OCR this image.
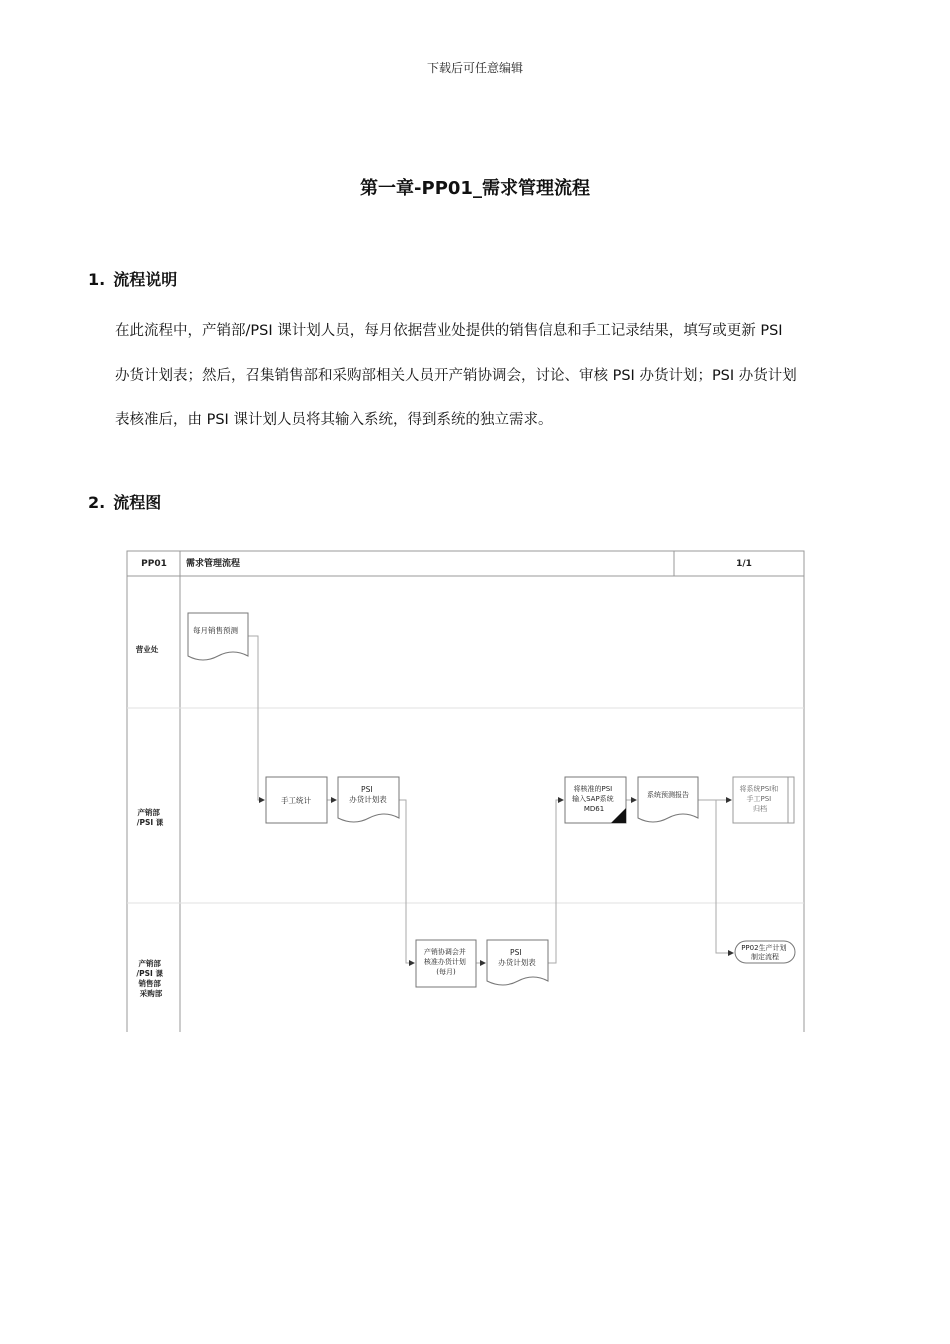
下载后可任意编辑
第一章-PP01_需求管理流程
1. 流程说明
在此流程中，产销部/PSI 课计划人员，每月依据营业处提供的销售信息和手工记录结果，填写或更新 PSI
办货计划表；然后，召集销售部和采购部相关人员开产销协调会，讨论、审核 PSI 办货计划；PSI 办货计划
表核准后，由 PSI 课计划人员将其输入系统，得到系统的独立需求。
2. 流程图
PP01 需求管理流程	1/1
营业处
产销部 /PSI 课
产销部 /PSI 课 销售部 采购部
每月销售预测
手工统计
PSI 办货计划表
产销协调会并 核准办货计划 (每月)
PSI 办货计划表
将核准的PSI 输入SAP系统 MD61
系统预测报告
将系统PSI和 手工PSI 归档
PP02生产计划 制定流程
